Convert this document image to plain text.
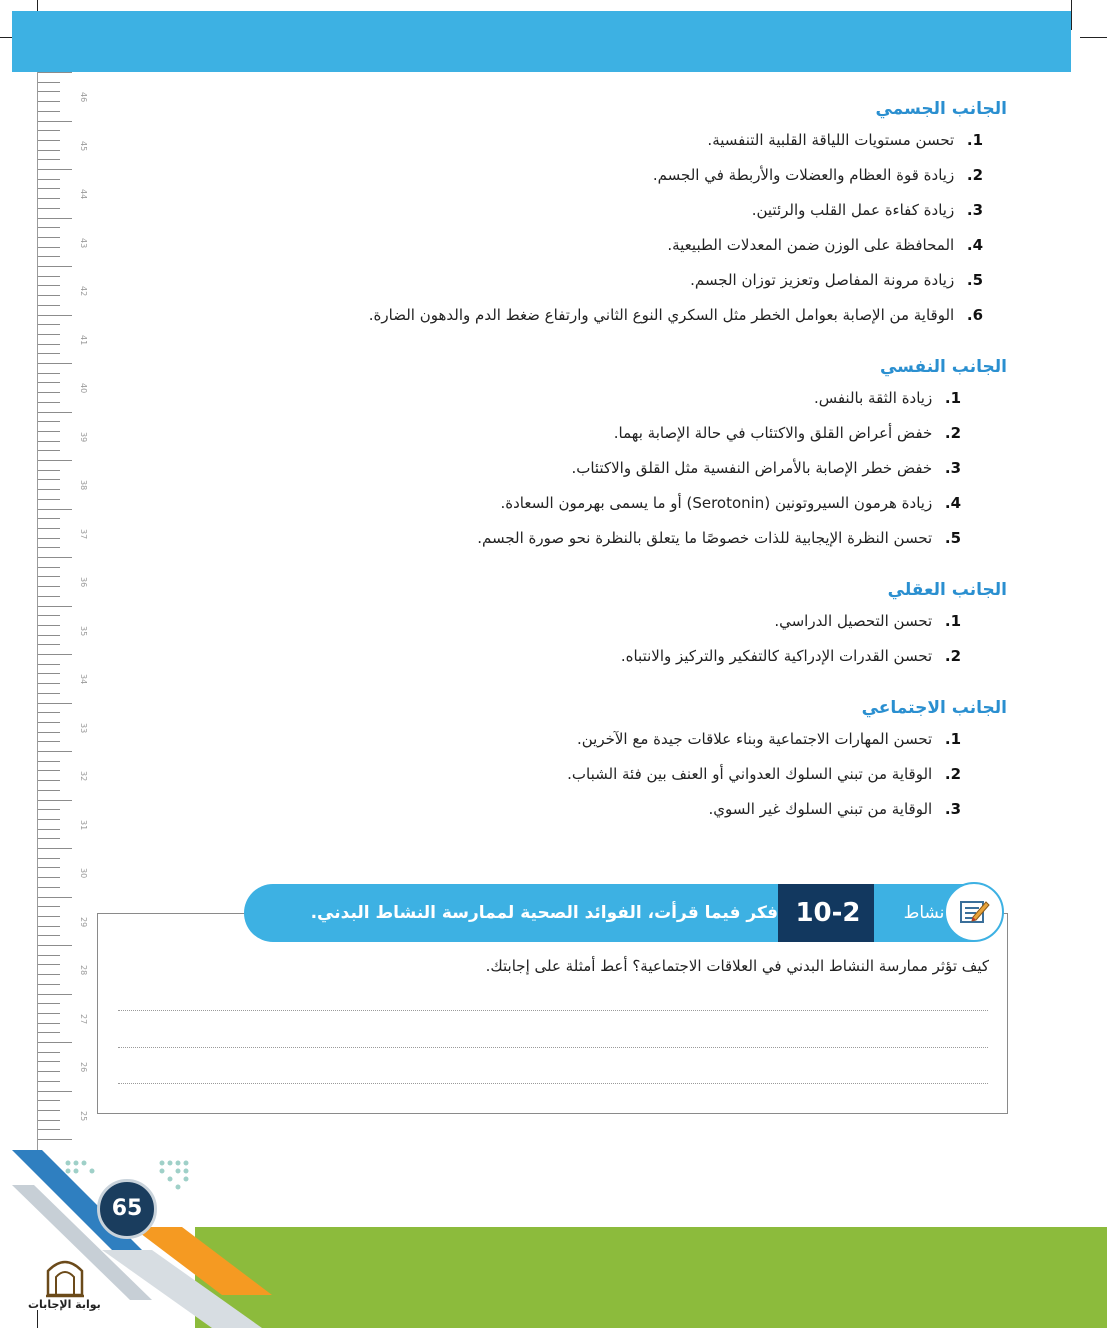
46
45
44
43
42
41
40
39
38
37
36
35
34
33
32
31
30
29
28
27
26
25
الجانب الجسمي
1. تحسن مستويات اللياقة القلبية التنفسية.
2. زيادة قوة العظام والعضلات والأربطة في الجسم.
3. زيادة كفاءة عمل القلب والرئتين.
4. المحافظة على الوزن ضمن المعدلات الطبيعية.
5. زيادة مرونة المفاصل وتعزيز توزان الجسم.
6. الوقاية من الإصابة بعوامل الخطر مثل السكري النوع الثاني وارتفاع ضغط الدم والدهون الضارة.
الجانب النفسي
1. زيادة الثقة بالنفس.
2. خفض أعراض القلق والاكتئاب في حالة الإصابة بهما.
3. خفض خطر الإصابة بالأمراض النفسية مثل القلق والاكتئاب.
4. زيادة هرمون السيروتونين (Serotonin) أو ما يسمى بهرمون السعادة.
5. تحسن النظرة الإيجابية للذات خصوصًا ما يتعلق بالنظرة نحو صورة الجسم.
الجانب العقلي
1. تحسن التحصيل الدراسي.
2. تحسن القدرات الإدراكية كالتفكير والتركيز والانتباه.
الجانب الاجتماعي
1. تحسن المهارات الاجتماعية وبناء علاقات جيدة مع الآخرين.
2. الوقاية من تبني السلوك العدواني أو العنف بين فئة الشباب.
3. الوقاية من تبني السلوك غير السوي.
فكر فيما قرأت، الفوائد الصحية لممارسة النشاط البدني. 10-2	نشاط
كيف تؤثر ممارسة النشاط البدني في العلاقات الاجتماعية؟ أعط أمثلة على إجابتك.
65
بوابة الإجابات
